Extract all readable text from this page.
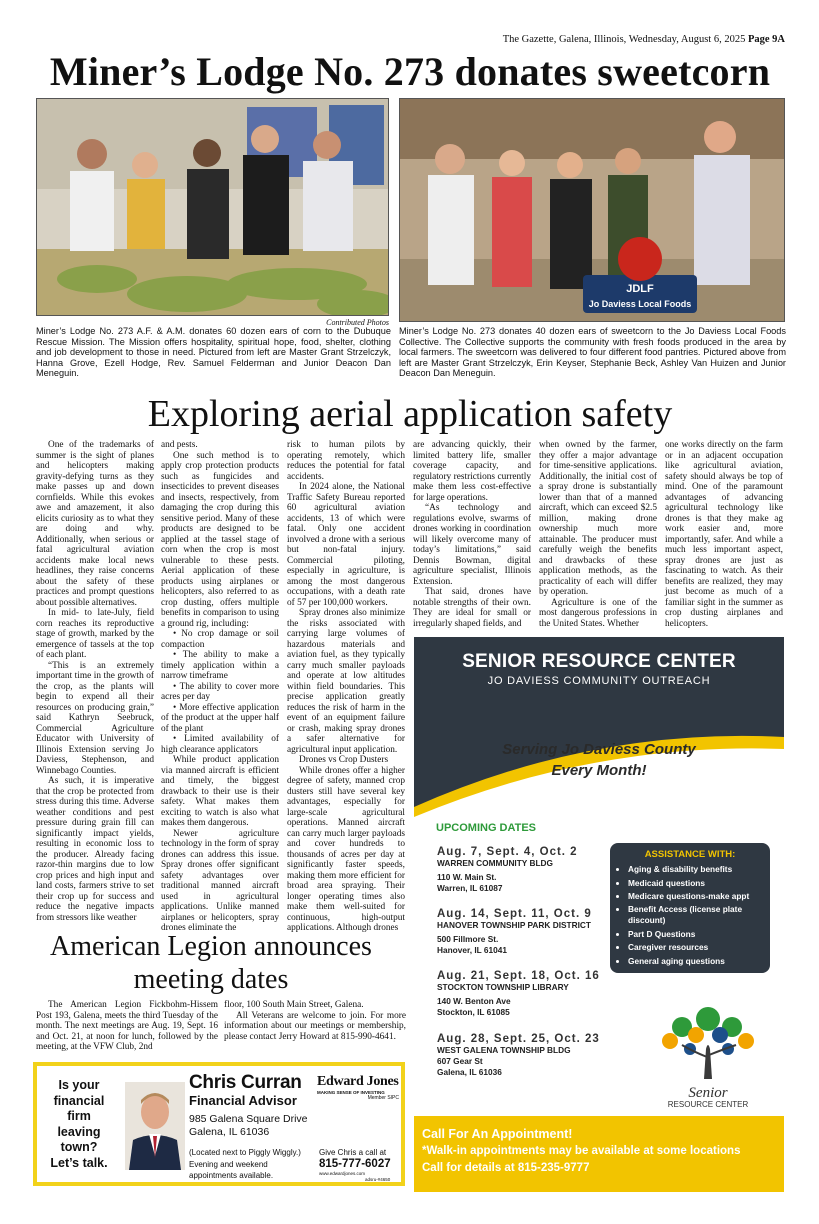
The Gazette, Galena, Illinois, Wednesday, August 6, 2025 Page 9A
Miner’s Lodge No. 273 donates sweetcorn
Contributed Photos
Miner’s Lodge No. 273 A.F. & A.M. donates 60 dozen ears of corn to the Dubuque Rescue Mission. The Mission offers hospitality, spiritual hope, food, shelter, clothing and job development to those in need. Pictured from left are Master Grant Strzelczyk, Hanna Grove, Ezell Hodge, Rev. Samuel Felderman and Junior Deacon Dan Meneguin.
JDLF
Jo Daviess Local Foods
Miner’s Lodge No. 273 donates 40 dozen ears of sweetcorn to the Jo Daviess Local Foods Collective. The Collective supports the community with fresh foods produced in the area by local farmers. The sweetcorn was delivered to four different food pantries. Pictured above from left are Master Grant Strzelczyk, Erin Keyser, Stephanie Beck, Ashley Van Huizen and Junior Deacon Dan Meneguin.
Exploring aerial application safety

One of the trademarks of summer is the sight of planes and helicopters making gravity-defying turns as they make passes up and down cornfields. While this evokes awe and amazement, it also elicits curiosity as to what they are doing and why. Additionally, when serious or fatal agricultural aviation accidents make local news headlines, they raise concerns about the safety of these practices and prompt questions about possible alternatives.

In mid- to late-July, field corn reaches its reproductive stage of growth, marked by the emergence of tassels at the top of each plant.

“This is an extremely important time in the growth of the crop, as the plants will begin to expend all their resources on producing grain,” said Kathryn Seebruck, Commercial Agriculture Educator with University of Illinois Extension serving Jo Daviess, Stephenson, and Winnebago Counties.

As such, it is imperative that the crop be protected from stress during this time. Adverse weather conditions and pest pressure during grain fill can significantly impact yields, resulting in economic loss to the producer. Already facing razor-thin margins due to low crop prices and high input and land costs, farmers strive to set their crop up for success and reduce the negative impacts from stressors like weather

and pests.

One such method is to apply crop protection products such as fungicides and insecticides to prevent diseases and insects, respectively, from damaging the crop during this sensitive period. Many of these products are designed to be applied at the tassel stage of corn when the crop is most vulnerable to these pests. Aerial application of these products using airplanes or helicopters, also referred to as crop dusting, offers multiple benefits in comparison to using a ground rig, including:

• No crop damage or soil compaction

• The ability to make a timely application within a narrow timeframe

• The ability to cover more acres per day

• More effective application of the product at the upper half of the plant

• Limited availability of high clearance applicators

While product application via manned aircraft is efficient and timely, the biggest drawback to their use is their safety. What makes them exciting to watch is also what makes them dangerous.

Newer agriculture technology in the form of spray drones can address this issue. Spray drones offer significant safety advantages over traditional manned aircraft used in agricultural applications. Unlike manned airplanes or helicopters, spray drones eliminate the

risk to human pilots by operating remotely, which reduces the potential for fatal accidents.

In 2024 alone, the National Traffic Safety Bureau reported 60 agricultural aviation accidents, 13 of which were fatal. Only one accident involved a drone with a serious but non-fatal injury. Commercial piloting, especially in agriculture, is among the most dangerous occupations, with a death rate of 57 per 100,000 workers.

Spray drones also minimize the risks associated with carrying large volumes of hazardous materials and aviation fuel, as they typically carry much smaller payloads and operate at low altitudes within field boundaries. This precise application greatly reduces the risk of harm in the event of an equipment failure or crash, making spray drones a safer alternative for agricultural input application.

Drones vs Crop Dusters

While drones offer a higher degree of safety, manned crop dusters still have several key advantages, especially for large-scale agricultural operations. Manned aircraft can carry much larger payloads and cover hundreds to thousands of acres per day at significantly faster speeds, making them more efficient for broad area spraying. Their longer operating times also make them well-suited for continuous, high-output applications. Although drones

are advancing quickly, their limited battery life, smaller coverage capacity, and regulatory restrictions currently make them less cost-effective for large operations.

“As technology and regulations evolve, swarms of drones working in coordination will likely overcome many of today’s limitations,” said Dennis Bowman, digital agriculture specialist, Illinois Extension.

That said, drones have notable strengths of their own. They are ideal for small or irregularly shaped fields, and

when owned by the farmer, they offer a major advantage for time-sensitive applications. Additionally, the initial cost of a spray drone is substantially lower than that of a manned aircraft, which can exceed $2.5 million, making drone ownership much more attainable. The producer must carefully weigh the benefits and drawbacks of these application methods, as the practicality of each will differ by operation.

Agriculture is one of the most dangerous professions in the United States. Whether

one works directly on the farm or in an adjacent occupation like agricultural aviation, safety should always be top of mind. One of the paramount advantages of advancing agricultural technology like drones is that they make ag work easier and, more importantly, safer. And while a much less important aspect, spray drones are just as fascinating to watch. As their benefits are realized, they may just become as much of a familiar sight in the summer as crop dusting airplanes and helicopters.

American Legion announces meeting dates

The American Legion Fickbohm-Hissem Post 193, Galena, meets the third Tuesday of the month. The next meetings are Aug. 19, Sept. 16 and Oct. 21, at noon for lunch, followed by the meeting, at the VFW Club, 2nd

floor, 100 South Main Street, Galena.

All Veterans are welcome to join. For more information about our meetings or membership, please contact Jerry Howard at 815-990-4641.

Is your
financial
firm
leaving
town?
Let’s talk.
Chris Curran
Financial Advisor
Edward Jones
MAKING SENSE OF INVESTING
Member SIPC
985 Galena Square Drive
Galena, IL 61036
(Located next to Piggly Wiggly.)
Evening and weekend
appointments available.
Give Chris a call at
815-777-6027
www.edwardjones.com
adsru-#4650
SENIOR RESOURCE CENTER
JO DAVIESS COMMUNITY OUTREACH
Serving Jo Daviess County
Every Month!
UPCOMING DATES
Aug. 7, Sept. 4, Oct. 2
WARREN COMMUNITY BLDG
110 W. Main St.
Warren, IL 61087
Aug. 14, Sept. 11, Oct. 9
HANOVER TOWNSHIP PARK DISTRICT
500 Fillmore St.
Hanover, IL 61041
Aug. 21, Sept. 18, Oct. 16
STOCKTON TOWNSHIP LIBRARY
140 W. Benton Ave
Stockton, IL 61085
Aug. 28, Sept. 25, Oct. 23
WEST GALENA TOWNSHIP BLDG
607 Gear St
Galena, IL 61036
ASSISTANCE WITH:
• Aging & disability benefits
• Medicaid questions
• Medicare questions-make appt
• Benefit Access (license plate discount)
• Part D Questions
• Caregiver resources
• General aging questions
Senior
RESOURCE CENTER
Call For An Appointment!
*Walk-in appointments may be available at some locations
Call for details at 815-235-9777
